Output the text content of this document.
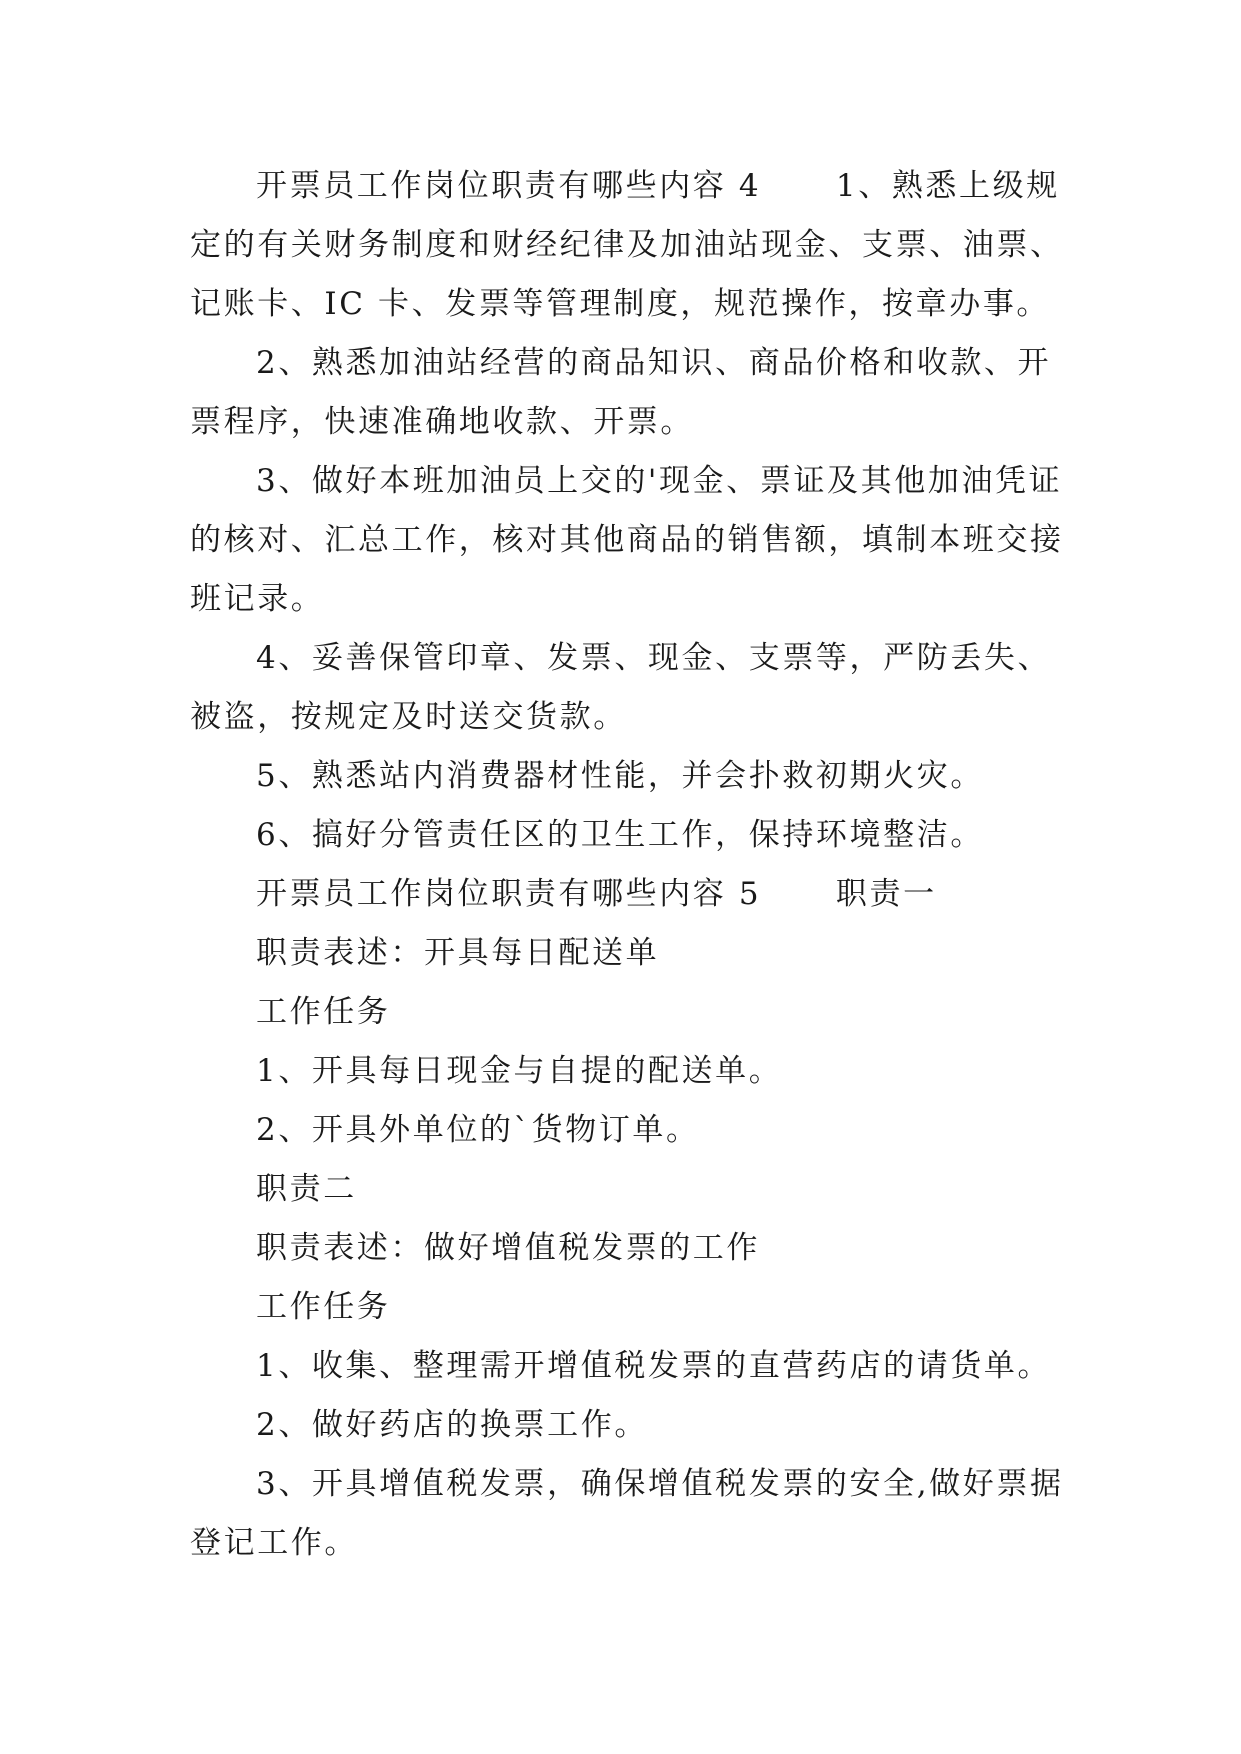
开票员工作岗位职责有哪些内容 4      1、熟悉上级规
定的有关财务制度和财经纪律及加油站现金、支票、油票、
记账卡、IC 卡、发票等管理制度，规范操作，按章办事。
2、熟悉加油站经营的商品知识、商品价格和收款、开
票程序，快速准确地收款、开票。
3、做好本班加油员上交的'现金、票证及其他加油凭证
的核对、汇总工作，核对其他商品的销售额，填制本班交接
班记录。
4、妥善保管印章、发票、现金、支票等，严防丢失、
被盗，按规定及时送交货款。
5、熟悉站内消费器材性能，并会扑救初期火灾。
6、搞好分管责任区的卫生工作，保持环境整洁。
开票员工作岗位职责有哪些内容 5      职责一
职责表述：开具每日配送单
工作任务
1、开具每日现金与自提的配送单。
2、开具外单位的`货物订单。
职责二
职责表述：做好增值税发票的工作
工作任务
1、收集、整理需开增值税发票的直营药店的请货单。
2、做好药店的换票工作。
3、开具增值税发票，确保增值税发票的安全,做好票据
登记工作。
